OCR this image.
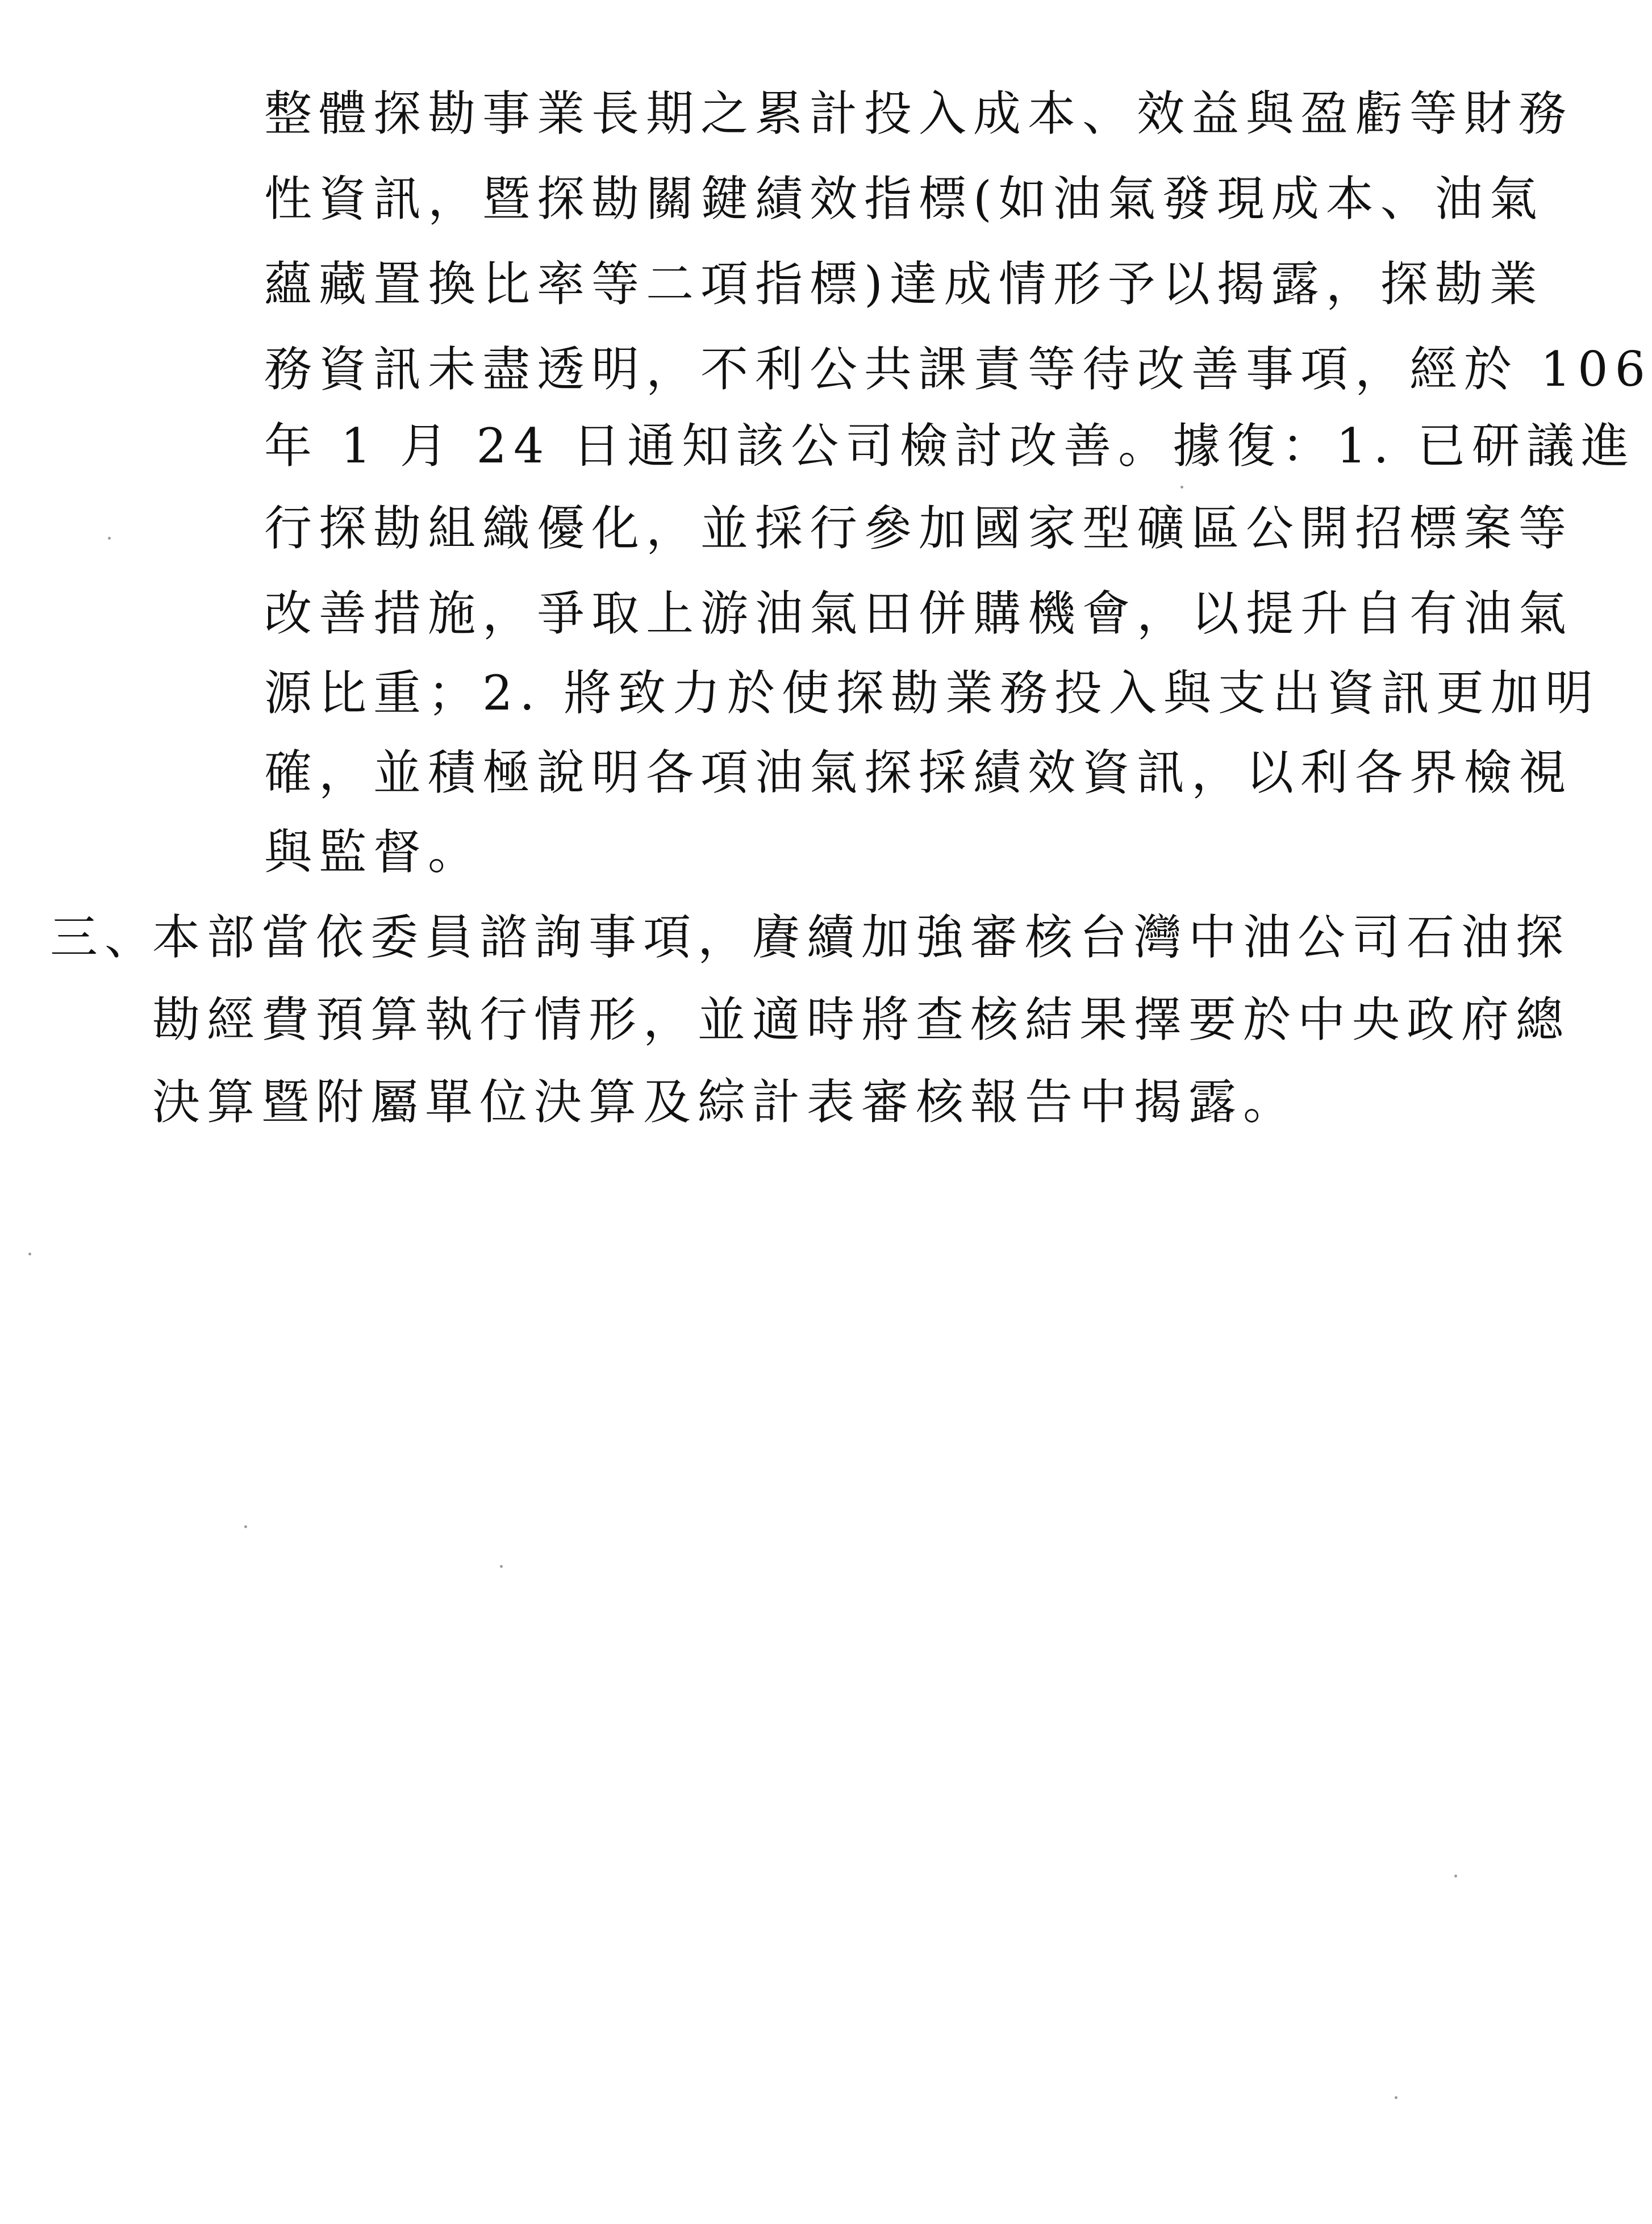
整體探勘事業長期之累計投入成本、效益與盈虧等財務
性資訊，暨探勘關鍵績效指標(如油氣發現成本、油氣
蘊藏置換比率等二項指標)達成情形予以揭露，探勘業
務資訊未盡透明，不利公共課責等待改善事項，經於 106
年 1 月 24 日通知該公司檢討改善。據復：1. 已研議進
行探勘組織優化，並採行參加國家型礦區公開招標案等
改善措施，爭取上游油氣田併購機會，以提升自有油氣
源比重；2. 將致力於使探勘業務投入與支出資訊更加明
確，並積極說明各項油氣探採績效資訊，以利各界檢視
與監督。
三、
本部當依委員諮詢事項，賡續加強審核台灣中油公司石油探
勘經費預算執行情形，並適時將查核結果擇要於中央政府總
決算暨附屬單位決算及綜計表審核報告中揭露。
